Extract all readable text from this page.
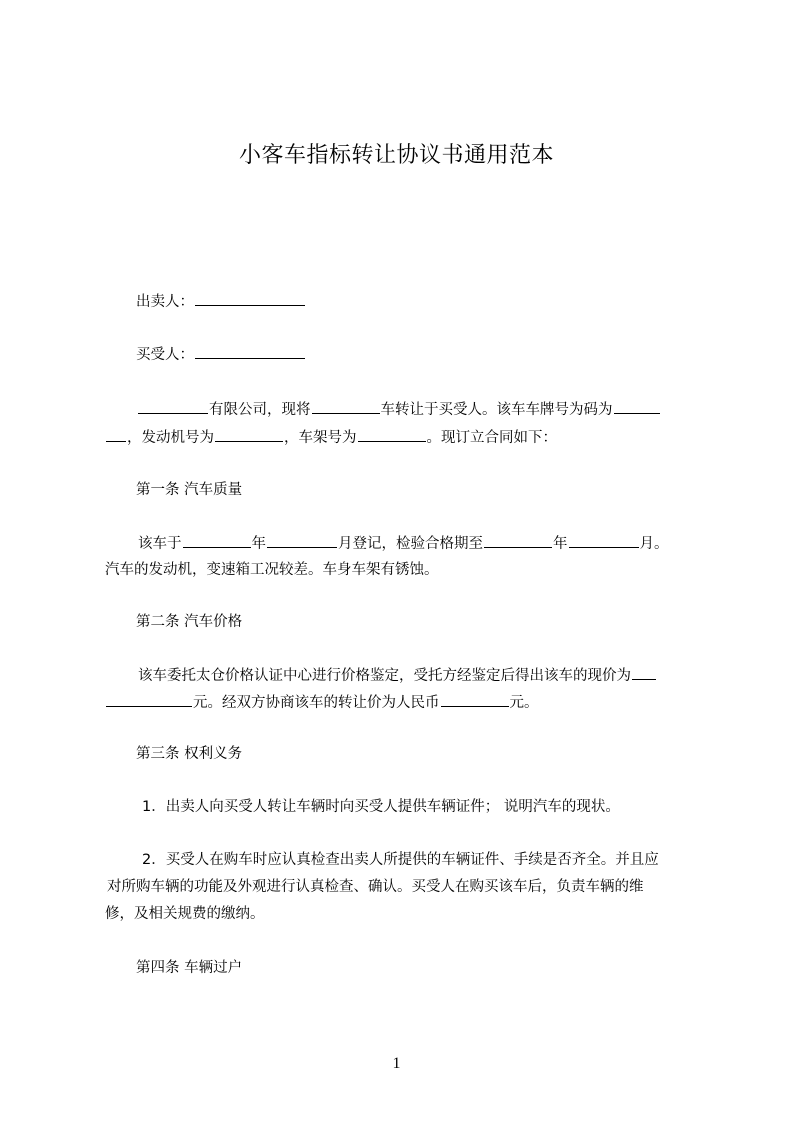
小客车指标转让协议书通用范本
出卖人：
买受人：
有限公司，现将	车转让于买受人。该车车牌号为码为
，发动机号为	，车架号为	。现订立合同如下：
第一条 汽车质量
该车于	年	月登记，检验合格期至	年	月。
汽车的发动机，变速箱工况较差。车身车架有锈蚀。
第二条 汽车价格
该车委托太仓价格认证中心进行价格鉴定，受托方经鉴定后得出该车的现价为
元。经双方协商该车的转让价为人民币	元。
第三条 权利义务
1．出卖人向买受人转让车辆时向买受人提供车辆证件； 说明汽车的现状。
2．买受人在购车时应认真检查出卖人所提供的车辆证件、手续是否齐全。并且应
对所购车辆的功能及外观进行认真检查、确认。买受人在购买该车后，负责车辆的维
修，及相关规费的缴纳。
第四条 车辆过户
1
